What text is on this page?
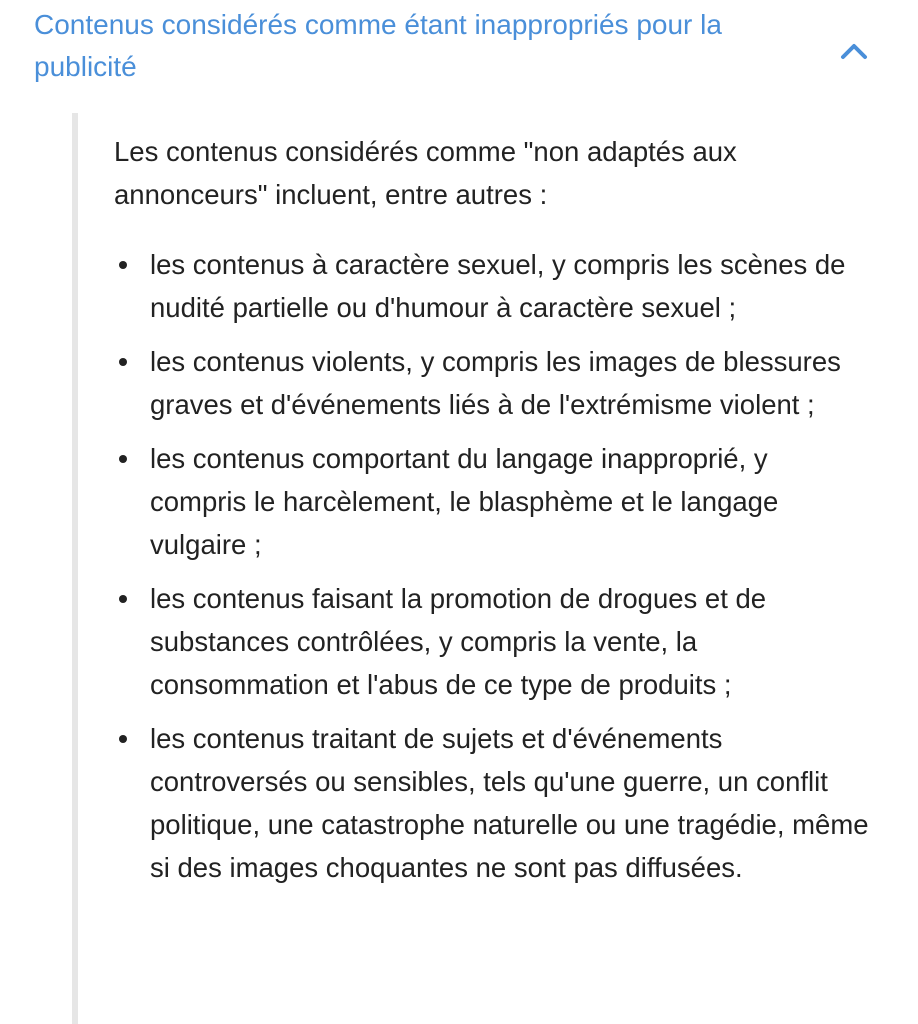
Contenus considérés comme étant inappropriés pour la publicité

Les contenus considérés comme "non adaptés aux annonceurs" incluent, entre autres :

les contenus à caractère sexuel, y compris les scènes de nudité partielle ou d'humour à caractère sexuel ;
les contenus violents, y compris les images de blessures graves et d'événements liés à de l'extrémisme violent ;
les contenus comportant du langage inapproprié, y compris le harcèlement, le blasphème et le langage vulgaire ;
les contenus faisant la promotion de drogues et de substances contrôlées, y compris la vente, la consommation et l'abus de ce type de produits ;
les contenus traitant de sujets et d'événements controversés ou sensibles, tels qu'une guerre, un conflit politique, une catastrophe naturelle ou une tragédie, même si des images choquantes ne sont pas diffusées.
